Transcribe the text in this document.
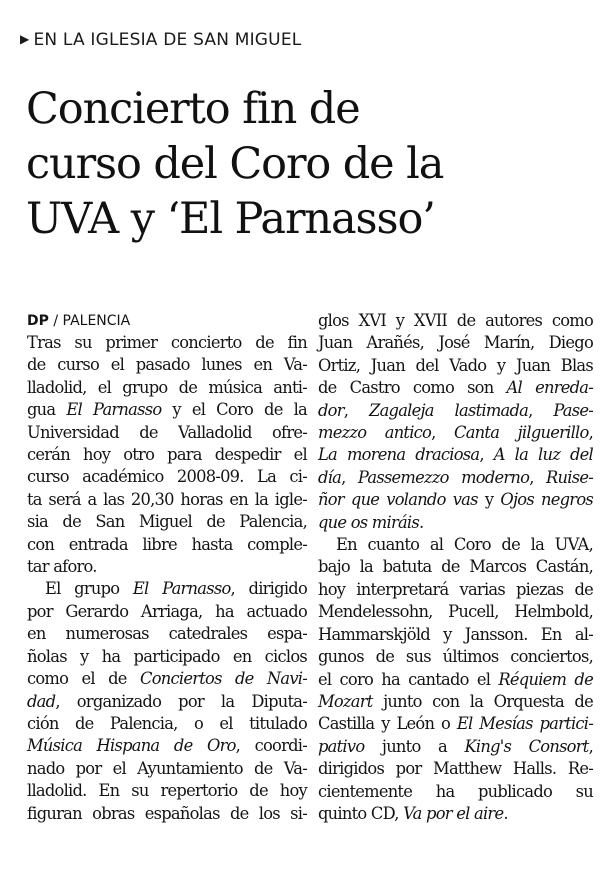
▶ EN LA IGLESIA DE SAN MIGUEL
Concierto fin de
curso del Coro de la
UVA y ‘El Parnasso’
DP / PALENCIA
Tras su primer concierto de fin
de curso el pasado lunes en Va-
lladolid, el grupo de música anti-
gua El Parnasso y el Coro de la
Universidad de Valladolid ofre-
cerán hoy otro para despedir el
curso académico 2008-09. La ci-
ta será a las 20,30 horas en la igle-
sia de San Miguel de Palencia,
con entrada libre hasta comple-
tar aforo.
El grupo El Parnasso, dirigido
por Gerardo Arriaga, ha actuado
en numerosas catedrales espa-
ñolas y ha participado en ciclos
como el de Conciertos de Navi-
dad, organizado por la Diputa-
ción de Palencia, o el titulado
Música Hispana de Oro, coordi-
nado por el Ayuntamiento de Va-
lladolid. En su repertorio de hoy
figuran obras españolas de los si-
glos XVI y XVII de autores como
Juan Arañés, José Marín, Diego
Ortiz, Juan del Vado y Juan Blas
de Castro como son Al enreda-
dor, Zagaleja lastimada, Pase-
mezzo antico, Canta jilguerillo,
La morena draciosa, A la luz del
día, Passemezzo moderno, Ruise-
ñor que volando vas y Ojos negros
que os miráis.
En cuanto al Coro de la UVA,
bajo la batuta de Marcos Castán,
hoy interpretará varias piezas de
Mendelessohn, Pucell, Helmbold,
Hammarskjöld y Jansson. En al-
gunos de sus últimos conciertos,
el coro ha cantado el Réquiem de
Mozart junto con la Orquesta de
Castilla y León o El Mesías partici-
pativo junto a King's Consort,
dirigidos por Matthew Halls. Re-
cientemente ha publicado su
quinto CD, Va por el aire.
